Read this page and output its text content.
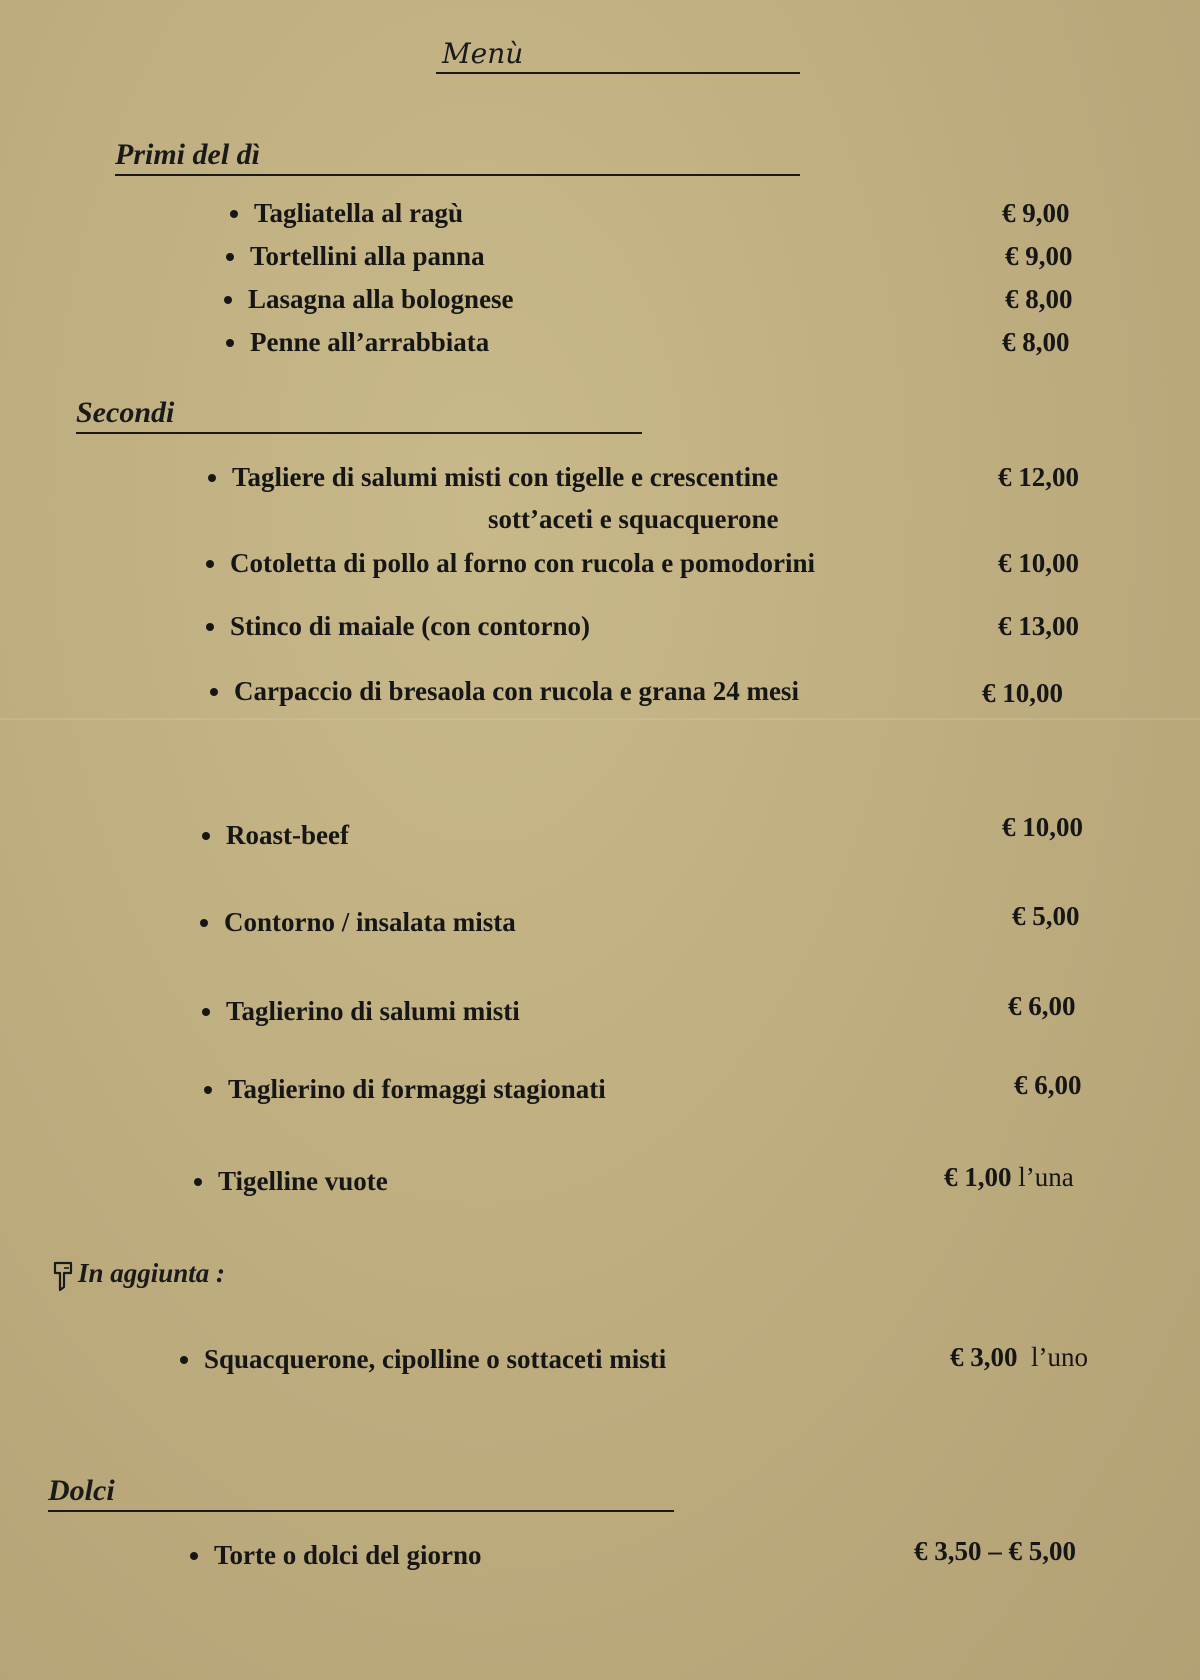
Menù
Primi del dì
Tagliatella al ragù	€ 9,00
Tortellini alla panna	€ 9,00
Lasagna alla bolognese	€ 8,00
Penne all’arrabbiata	€ 8,00
Secondi
Tagliere di salumi misti con tigelle e crescentine
sott’aceti e squacquerone
€ 12,00
Cotoletta di pollo al forno con rucola e pomodorini	€ 10,00
Stinco di maiale (con contorno)	€ 13,00
Carpaccio di bresaola con rucola e grana 24 mesi	€ 10,00
Roast-beef	€ 10,00
Contorno / insalata mista	€ 5,00
Taglierino di salumi misti	€ 6,00
Taglierino di formaggi stagionati	€ 6,00
Tigelline vuote	€ 1,00 l’una
In aggiunta :
Squacquerone, cipolline o sottaceti misti	€ 3,00 l’uno
Dolci
Torte o dolci del giorno	€ 3,50 – € 5,00
